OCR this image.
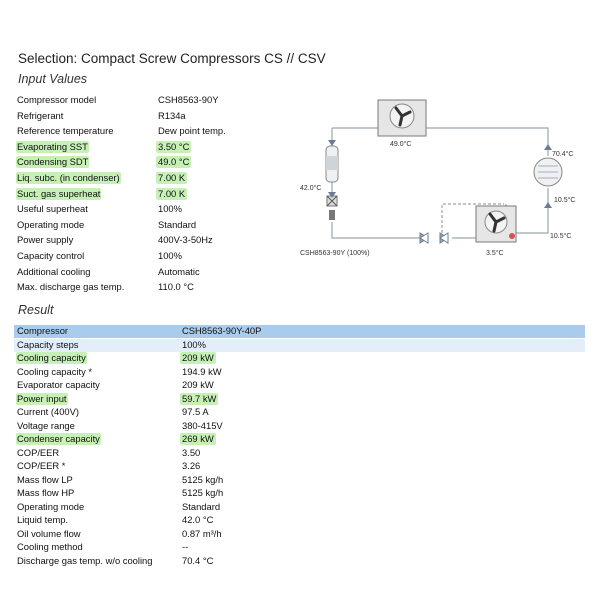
Selection: Compact Screw Compressors CS // CSV
Input Values
Compressor model	CSH8563-90Y
Refrigerant	R134a
Reference temperature	Dew point temp.
Evaporating SST	3.50 °C
Condensing SDT	49.0 °C
Liq. subc. (in condenser)	7.00 K
Suct. gas superheat	7.00 K
Useful superheat	100%
Operating mode	Standard
Power supply	400V-3-50Hz
Capacity control	100%
Additional cooling	Automatic
Max. discharge gas temp.	110.0 °C
49.0°C
42.0°C
70.4°C
10.5°C
10.5°C
3.5°C
CSH8563-90Y (100%)
Result
Compressor	CSH8563-90Y-40P
Capacity steps	100%
Cooling capacity	209 kW
Cooling capacity *	194.9 kW
Evaporator capacity	209 kW
Power input	59.7 kW
Current (400V)	97.5 A
Voltage range	380-415V
Condenser capacity	269 kW
COP/EER	3.50
COP/EER *	3.26
Mass flow LP	5125 kg/h
Mass flow HP	5125 kg/h
Operating mode	Standard
Liquid temp.	42.0 °C
Oil volume flow	0.87 m³/h
Cooling method	--
Discharge gas temp. w/o cooling	70.4 °C
